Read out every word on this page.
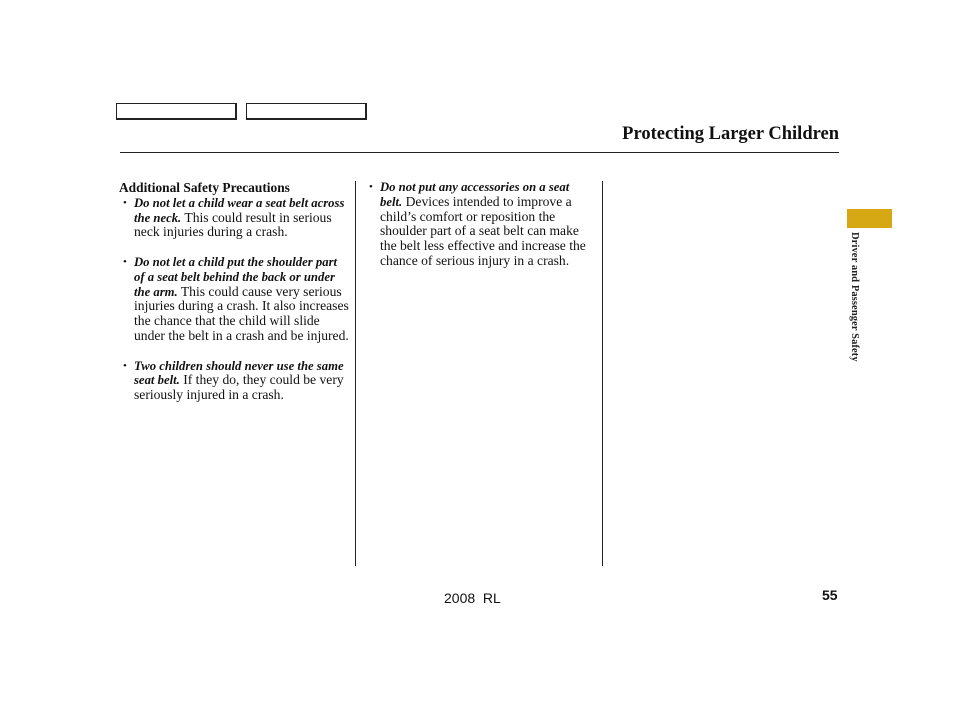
Protecting Larger Children
Additional Safety Precautions
• Do not let a child wear a seat belt across the neck. This could result in serious neck injuries during a crash.
• Do not let a child put the shoulder part of a seat belt behind the back or under the arm. This could cause very serious injuries during a crash. It also increases the chance that the child will slide under the belt in a crash and be injured.
• Two children should never use the same seat belt. If they do, they could be very seriously injured in a crash.
• Do not put any accessories on a seat belt. Devices intended to improve a child’s comfort or reposition the shoulder part of a seat belt can make the belt less effective and increase the chance of serious injury in a crash.	Driver and Passenger Safety
2008  RL	55
